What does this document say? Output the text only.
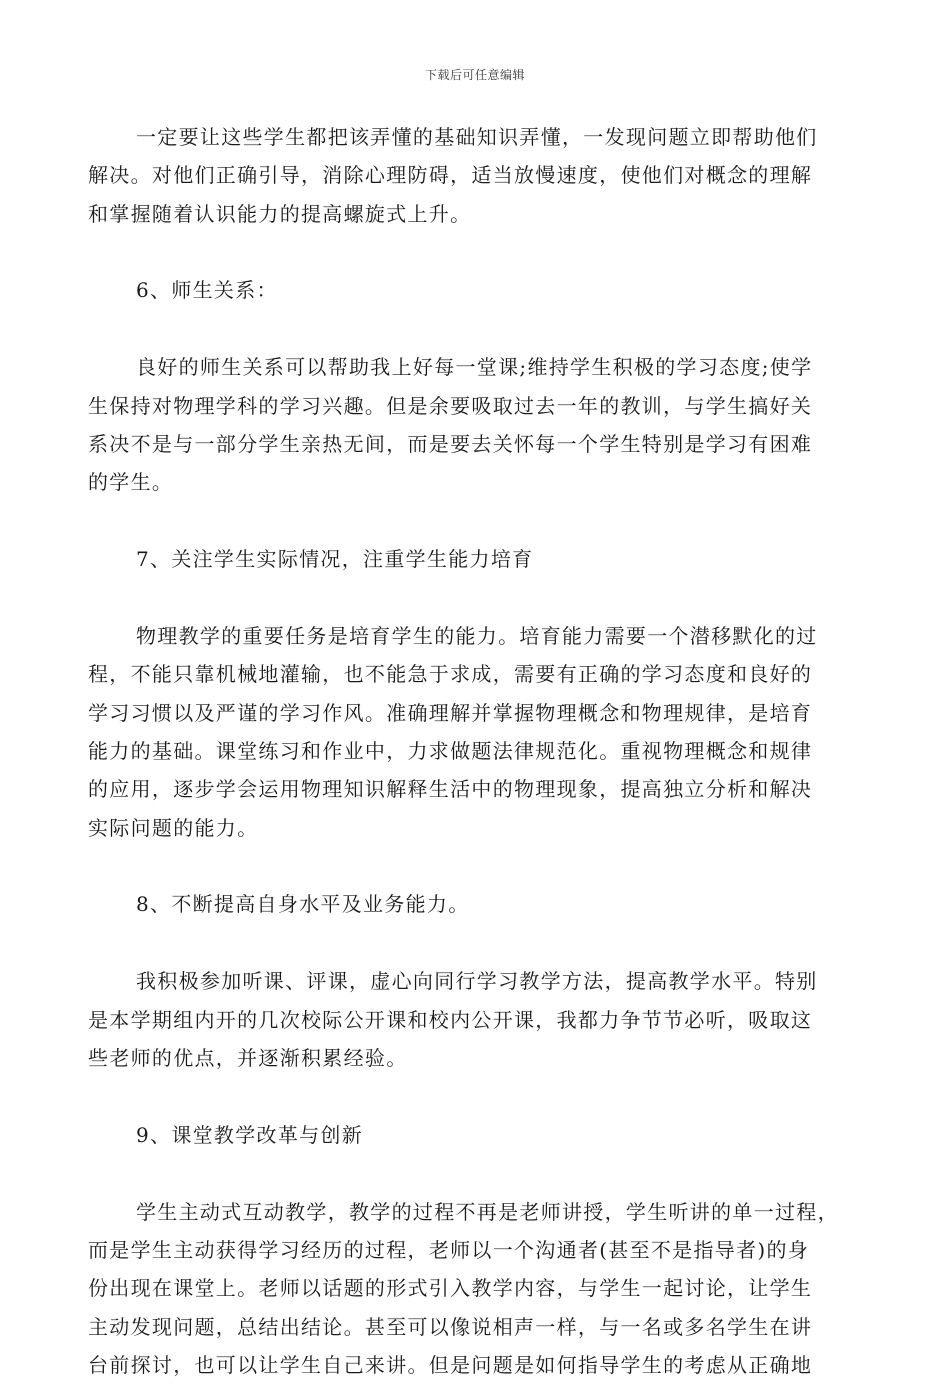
下载后可任意编辑
一定要让这些学生都把该弄懂的基础知识弄懂，一发现问题立即帮助他们
解决。对他们正确引导，消除心理防碍，适当放慢速度，使他们对概念的理解
和掌握随着认识能力的提高螺旋式上升。
6、师生关系：
良好的师生关系可以帮助我上好每一堂课;维持学生积极的学习态度;使学
生保持对物理学科的学习兴趣。但是余要吸取过去一年的教训，与学生搞好关
系决不是与一部分学生亲热无间，而是要去关怀每一个学生特别是学习有困难
的学生。
7、关注学生实际情况，注重学生能力培育
物理教学的重要任务是培育学生的能力。培育能力需要一个潜移默化的过
程，不能只靠机械地灌输，也不能急于求成，需要有正确的学习态度和良好的
学习习惯以及严谨的学习作风。准确理解并掌握物理概念和物理规律，是培育
能力的基础。课堂练习和作业中，力求做题法律规范化。重视物理概念和规律
的应用，逐步学会运用物理知识解释生活中的物理现象，提高独立分析和解决
实际问题的能力。
8、不断提高自身水平及业务能力。
我积极参加听课、评课，虚心向同行学习教学方法，提高教学水平。特别
是本学期组内开的几次校际公开课和校内公开课，我都力争节节必听，吸取这
些老师的优点，并逐渐积累经验。
9、课堂教学改革与创新
学生主动式互动教学，教学的过程不再是老师讲授，学生听讲的单一过程，
而是学生主动获得学习经历的过程，老师以一个沟通者(甚至不是指导者)的身
份出现在课堂上。老师以话题的形式引入教学内容，与学生一起讨论，让学生
主动发现问题，总结出结论。甚至可以像说相声一样，与一名或多名学生在讲
台前探讨，也可以让学生自己来讲。但是问题是如何指导学生的考虑从正确地
